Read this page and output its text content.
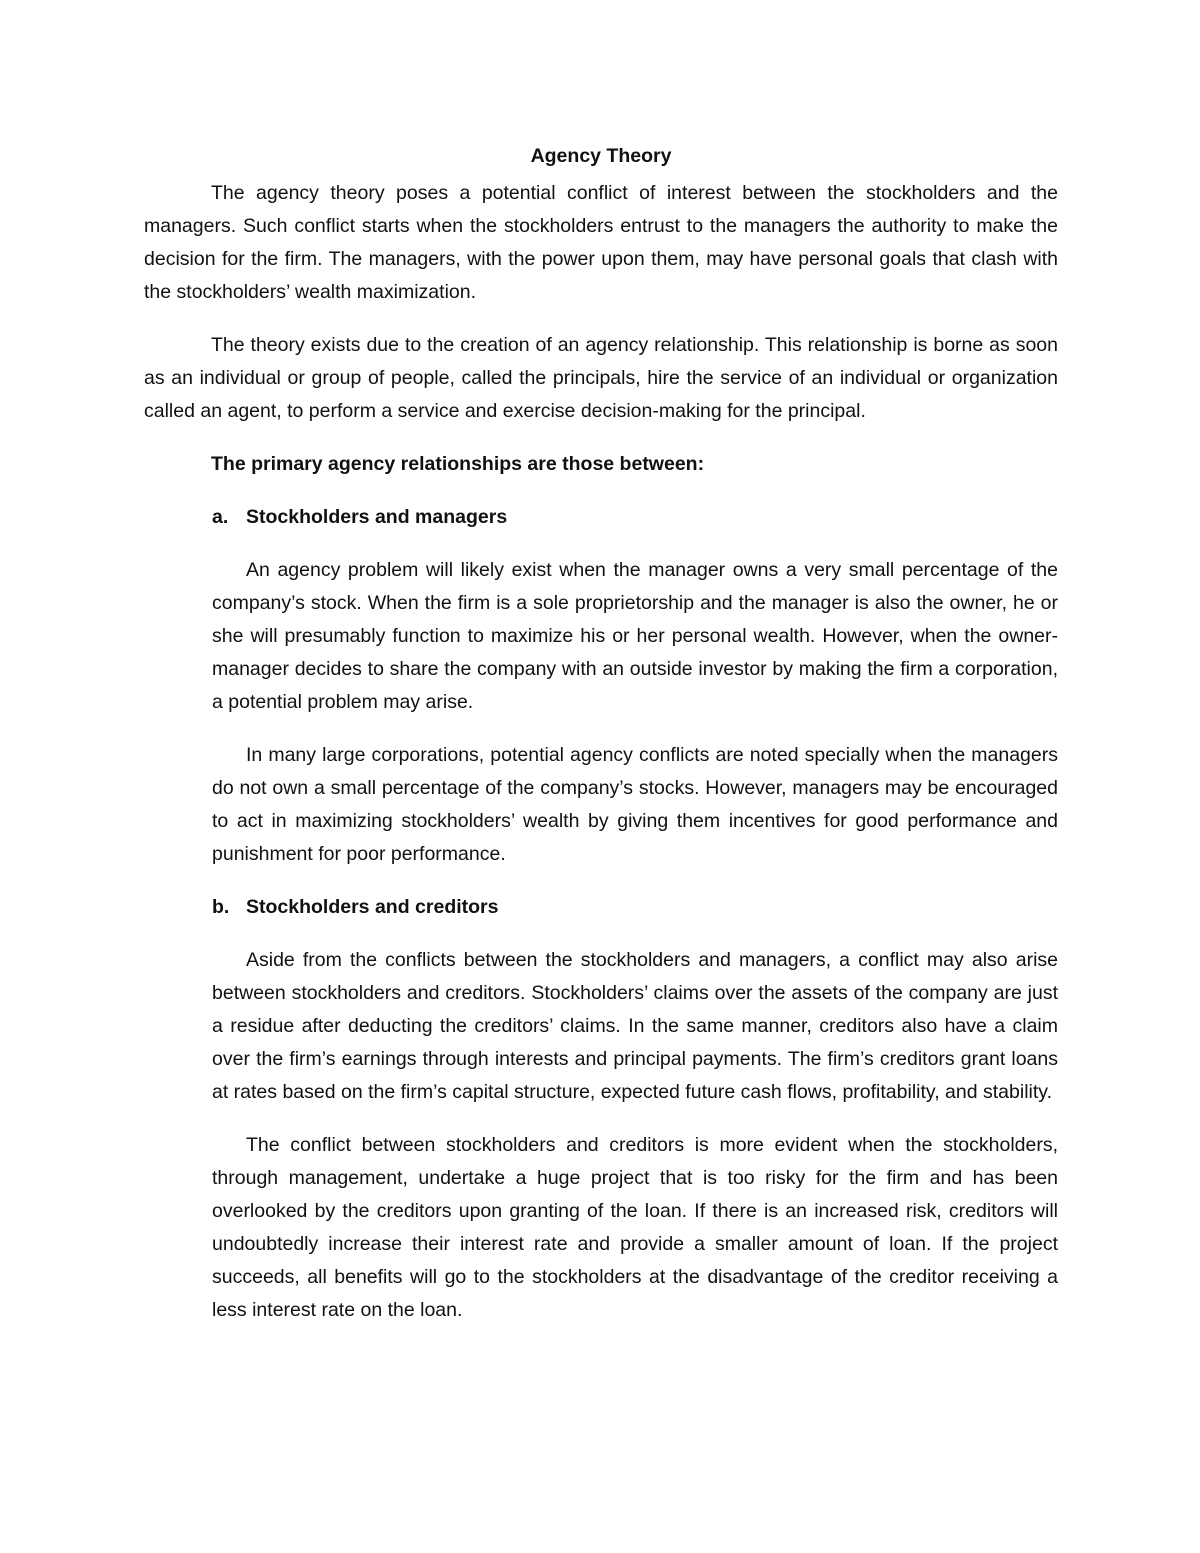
Agency Theory

The agency theory poses a potential conflict of interest between the stockholders and the managers. Such conflict starts when the stockholders entrust to the managers the authority to make the decision for the firm. The managers, with the power upon them, may have personal goals that clash with the stockholders’ wealth maximization.

The theory exists due to the creation of an agency relationship. This relationship is borne as soon as an individual or group of people, called the principals, hire the service of an individual or organization called an agent, to perform a service and exercise decision-making for the principal.

The primary agency relationships are those between:

a. Stockholders and managers

An agency problem will likely exist when the manager owns a very small percentage of the company’s stock. When the firm is a sole proprietorship and the manager is also the owner, he or she will presumably function to maximize his or her personal wealth. However, when the owner-manager decides to share the company with an outside investor by making the firm a corporation, a potential problem may arise.

In many large corporations, potential agency conflicts are noted specially when the managers do not own a small percentage of the company’s stocks. However, managers may be encouraged to act in maximizing stockholders’ wealth by giving them incentives for good performance and punishment for poor performance.

b. Stockholders and creditors

Aside from the conflicts between the stockholders and managers, a conflict may also arise between stockholders and creditors. Stockholders’ claims over the assets of the company are just a residue after deducting the creditors’ claims. In the same manner, creditors also have a claim over the firm’s earnings through interests and principal payments. The firm’s creditors grant loans at rates based on the firm’s capital structure, expected future cash flows, profitability, and stability.

The conflict between stockholders and creditors is more evident when the stockholders, through management, undertake a huge project that is too risky for the firm and has been overlooked by the creditors upon granting of the loan. If there is an increased risk, creditors will undoubtedly increase their interest rate and provide a smaller amount of loan. If the project succeeds, all benefits will go to the stockholders at the disadvantage of the creditor receiving a less interest rate on the loan.
